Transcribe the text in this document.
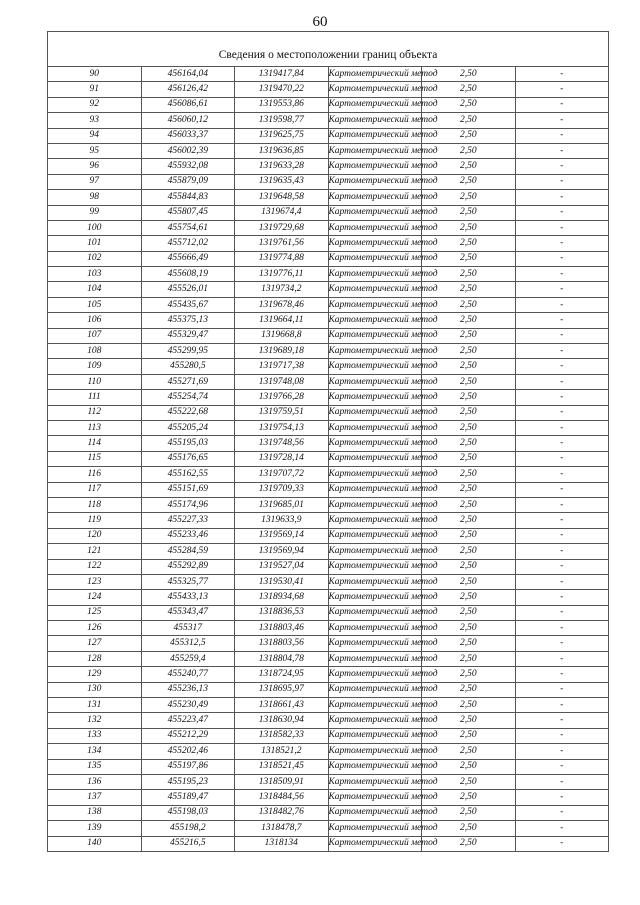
60
Сведения о местоположении границ объекта					
90	456164,04	1319417,84	Картометрический метод	2,50	-
91	456126,42	1319470,22	Картометрический метод	2,50	-
92	456086,61	1319553,86	Картометрический метод	2,50	-
93	456060,12	1319598,77	Картометрический метод	2,50	-
94	456033,37	1319625,75	Картометрический метод	2,50	-
95	456002,39	1319636,85	Картометрический метод	2,50	-
96	455932,08	1319633,28	Картометрический метод	2,50	-
97	455879,09	1319635,43	Картометрический метод	2,50	-
98	455844,83	1319648,58	Картометрический метод	2,50	-
99	455807,45	1319674,4	Картометрический метод	2,50	-
100	455754,61	1319729,68	Картометрический метод	2,50	-
101	455712,02	1319761,56	Картометрический метод	2,50	-
102	455666,49	1319774,88	Картометрический метод	2,50	-
103	455608,19	1319776,11	Картометрический метод	2,50	-
104	455526,01	1319734,2	Картометрический метод	2,50	-
105	455435,67	1319678,46	Картометрический метод	2,50	-
106	455375,13	1319664,11	Картометрический метод	2,50	-
107	455329,47	1319668,8	Картометрический метод	2,50	-
108	455299,95	1319689,18	Картометрический метод	2,50	-
109	455280,5	1319717,38	Картометрический метод	2,50	-
110	455271,69	1319748,08	Картометрический метод	2,50	-
111	455254,74	1319766,28	Картометрический метод	2,50	-
112	455222,68	1319759,51	Картометрический метод	2,50	-
113	455205,24	1319754,13	Картометрический метод	2,50	-
114	455195,03	1319748,56	Картометрический метод	2,50	-
115	455176,65	1319728,14	Картометрический метод	2,50	-
116	455162,55	1319707,72	Картометрический метод	2,50	-
117	455151,69	1319709,33	Картометрический метод	2,50	-
118	455174,96	1319685,01	Картометрический метод	2,50	-
119	455227,33	1319633,9	Картометрический метод	2,50	-
120	455233,46	1319569,14	Картометрический метод	2,50	-
121	455284,59	1319569,94	Картометрический метод	2,50	-
122	455292,89	1319527,04	Картометрический метод	2,50	-
123	455325,77	1319530,41	Картометрический метод	2,50	-
124	455433,13	1318934,68	Картометрический метод	2,50	-
125	455343,47	1318836,53	Картометрический метод	2,50	-
126	455317	1318803,46	Картометрический метод	2,50	-
127	455312,5	1318803,56	Картометрический метод	2,50	-
128	455259,4	1318804,78	Картометрический метод	2,50	-
129	455240,77	1318724,95	Картометрический метод	2,50	-
130	455236,13	1318695,97	Картометрический метод	2,50	-
131	455230,49	1318661,43	Картометрический метод	2,50	-
132	455223,47	1318630,94	Картометрический метод	2,50	-
133	455212,29	1318582,33	Картометрический метод	2,50	-
134	455202,46	1318521,2	Картометрический метод	2,50	-
135	455197,86	1318521,45	Картометрический метод	2,50	-
136	455195,23	1318509,91	Картометрический метод	2,50	-
137	455189,47	1318484,56	Картометрический метод	2,50	-
138	455198,03	1318482,76	Картометрический метод	2,50	-
139	455198,2	1318478,7	Картометрический метод	2,50	-
140	455216,5	1318134	Картометрический метод	2,50	-
